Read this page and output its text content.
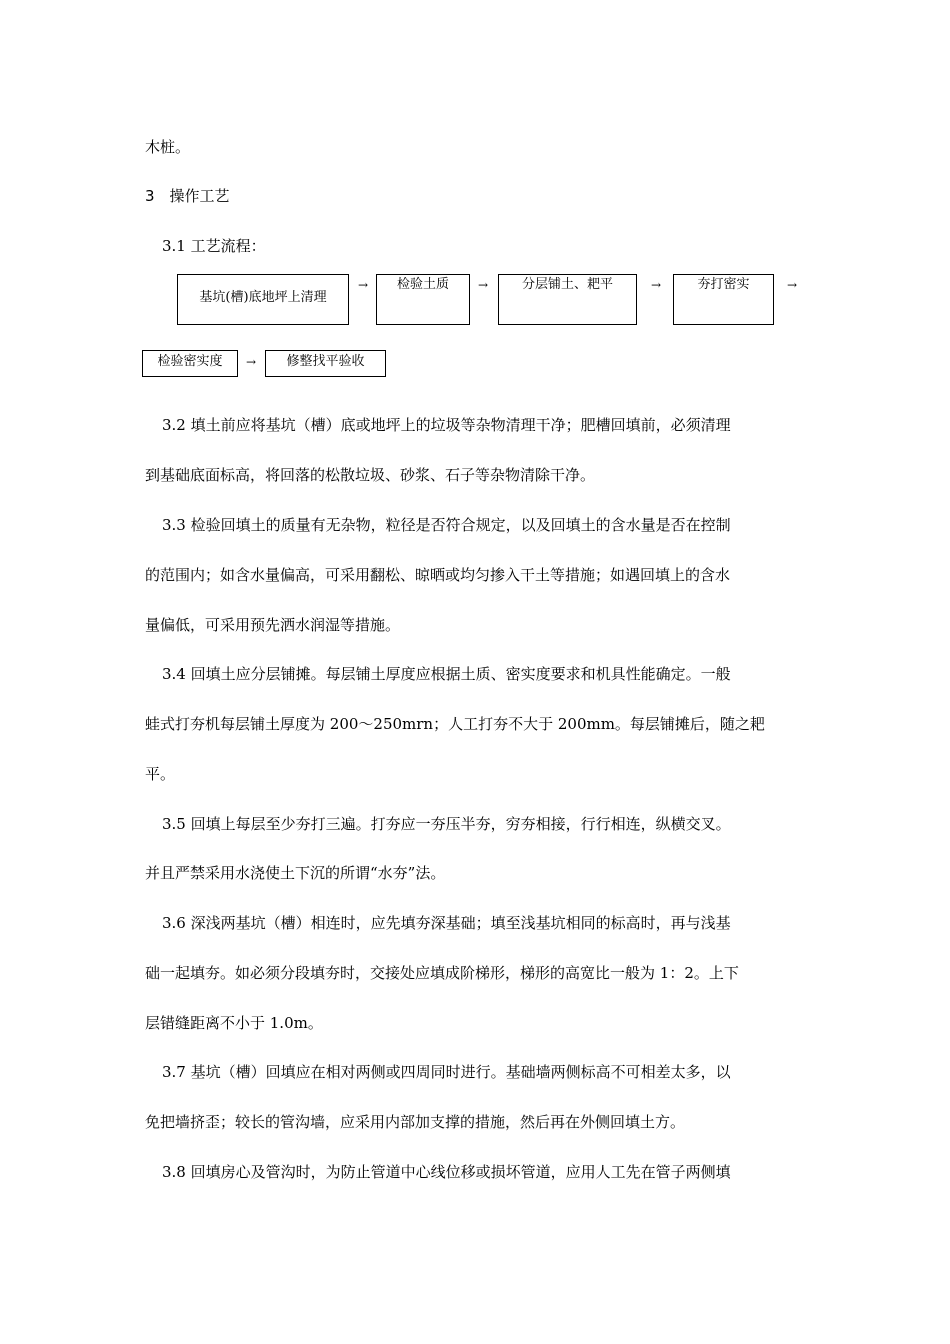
木桩。
3　操作工艺
3.1 工艺流程：
基坑(槽)底地坪上清理
→	检验土质	→	分层铺土、耙平	→	夯打密实	→
检验密实度	→	修整找平验收
3.2 填土前应将基坑（槽）底或地坪上的垃圾等杂物清理干净；肥槽回填前，必须清理
到基础底面标高，将回落的松散垃圾、砂浆、石子等杂物清除干净。
3.3 检验回填土的质量有无杂物，粒径是否符合规定，以及回填土的含水量是否在控制
的范围内；如含水量偏高，可采用翻松、晾晒或均匀掺入干土等措施；如遇回填上的含水
量偏低，可采用预先洒水润湿等措施。
3.4 回填土应分层铺摊。每层铺土厚度应根据土质、密实度要求和机具性能确定。一般
蛙式打夯机每层铺土厚度为 200～250mrn；人工打夯不大于 200mm。每层铺摊后，随之耙
平。
3.5 回填上每层至少夯打三遍。打夯应一夯压半夯，穷夯相接，行行相连，纵横交叉。
并且严禁采用水浇使土下沉的所谓“水夯”法。
3.6 深浅两基坑（槽）相连时，应先填夯深基础；填至浅基坑相同的标高时，再与浅基
础一起填夯。如必须分段填夯时，交接处应填成阶梯形，梯形的高宽比一般为 1：2。上下
层错缝距离不小于 1.0m。
3.7 基坑（槽）回填应在相对两侧或四周同时进行。基础墙两侧标高不可相差太多，以
免把墙挤歪；较长的管沟墙，应采用内部加支撑的措施，然后再在外侧回填土方。
3.8 回填房心及管沟时，为防止管道中心线位移或损坏管道，应用人工先在管子两侧填
